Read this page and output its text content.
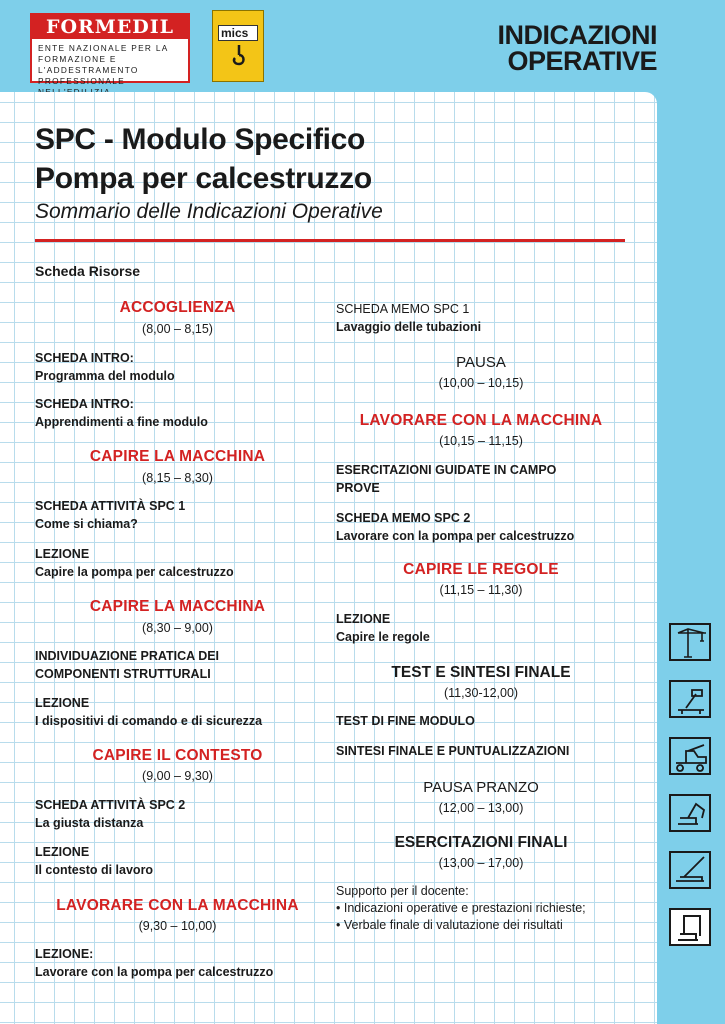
FORMEDIL
ENTE NAZIONALE PER LA
FORMAZIONE E L'ADDESTRAMENTO
PROFESSIONALE
mics	INDICAZIONI
OPERATIVE
SPC - Modulo Specifico
Pompa per calcestruzzo
Sommario delle Indicazioni Operative
Scheda Risorse
ACCOGLIENZA
(8,00 – 8,15)
SCHEDA INTRO:
Programma del modulo
SCHEDA INTRO:
Apprendimenti a fine modulo
CAPIRE LA MACCHINA
(8,15 – 8,30)
SCHEDA ATTIVITÀ SPC 1
Come si chiama?
LEZIONE
Capire la pompa per calcestruzzo
CAPIRE LA MACCHINA
(8,30 – 9,00)
INDIVIDUAZIONE PRATICA DEI
COMPONENTI STRUTTURALI
LEZIONE
I dispositivi di comando e di sicurezza
CAPIRE IL CONTESTO
(9,00 – 9,30)
SCHEDA ATTIVITÀ SPC 2
La giusta distanza
LEZIONE
Il contesto di lavoro
LAVORARE CON LA MACCHINA
(9,30 – 10,00)
LEZIONE:
Lavorare con la pompa per calcestruzzo
SCHEDA MEMO SPC 1
Lavaggio delle tubazioni
PAUSA
(10,00 – 10,15)
LAVORARE CON LA MACCHINA
(10,15 – 11,15)
ESERCITAZIONI GUIDATE IN CAMPO
PROVE
SCHEDA MEMO SPC 2
Lavorare con la pompa per calcestruzzo
CAPIRE LE REGOLE
(11,15 – 11,30)
LEZIONE
Capire le regole
TEST E SINTESI FINALE
(11,30-12,00)
TEST DI FINE MODULO
SINTESI FINALE E PUNTUALIZZAZIONI
PAUSA PRANZO
(12,00 – 13,00)
ESERCITAZIONI FINALI
(13,00 – 17,00)
Supporto per il docente:
• Indicazioni operative e prestazioni richieste;
• Verbale finale di valutazione dei risultati
